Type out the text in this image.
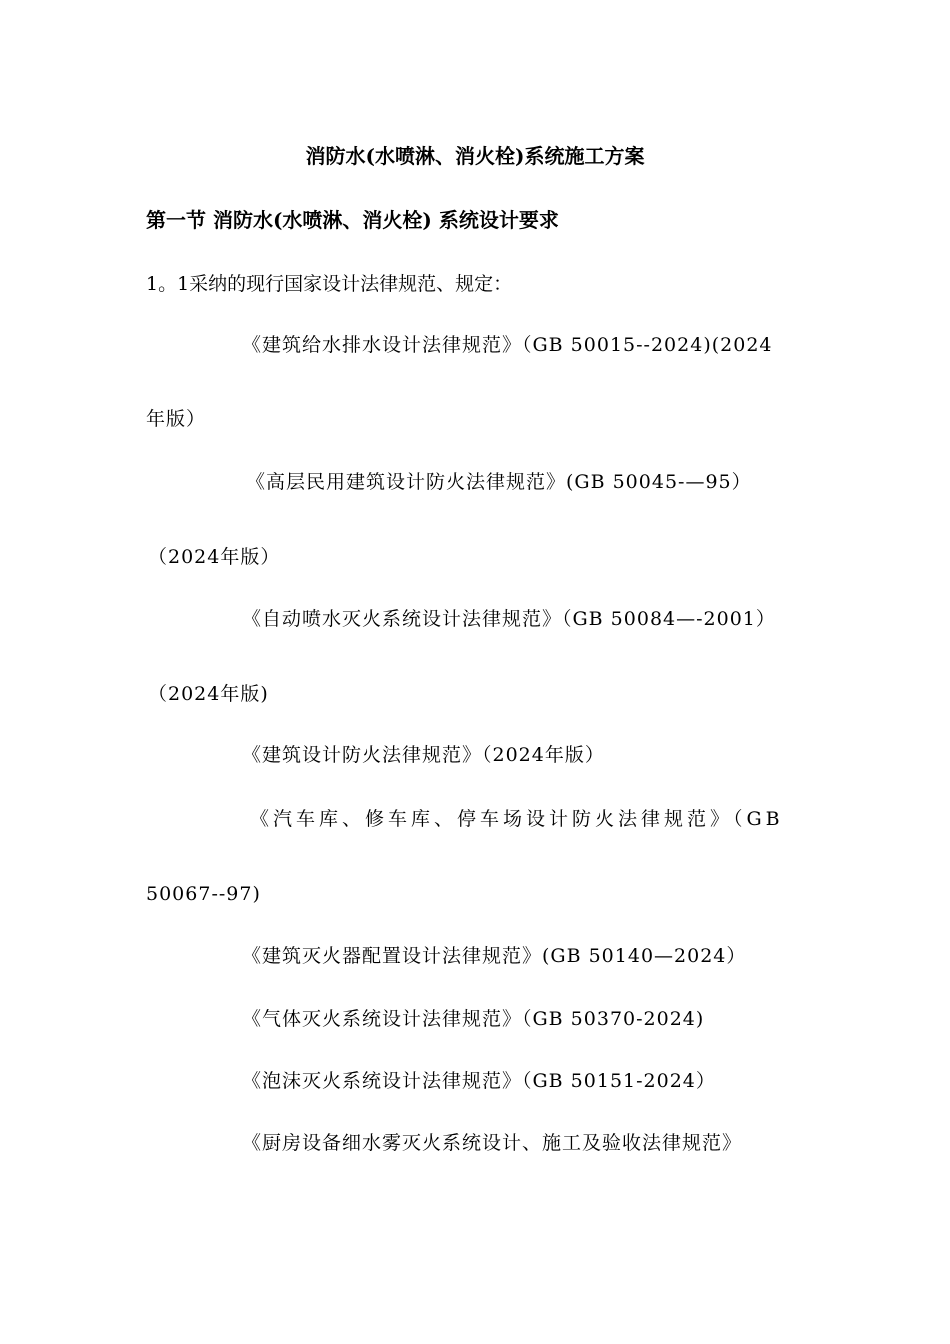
消防水(水喷淋、消火栓)系统施工方案
第一节 消防水(水喷淋、消火栓) 系统设计要求
1。1采纳的现行国家设计法律规范、规定：
《建筑给水排水设计法律规范》（GB 50015--2024)(2024
年版）
《高层民用建筑设计防火法律规范》(GB 50045-—95）
（2024年版）
《自动喷水灭火系统设计法律规范》（GB 50084—-2001）
（2024年版)
《建筑设计防火法律规范》（2024年版）
《汽车库、修车库、停车场设计防火法律规范》（GB
50067--97)
《建筑灭火器配置设计法律规范》(GB 50140—2024）
《气体灭火系统设计法律规范》（GB 50370-2024)
《泡沫灭火系统设计法律规范》（GB 50151-2024）
《厨房设备细水雾灭火系统设计、施工及验收法律规范》
